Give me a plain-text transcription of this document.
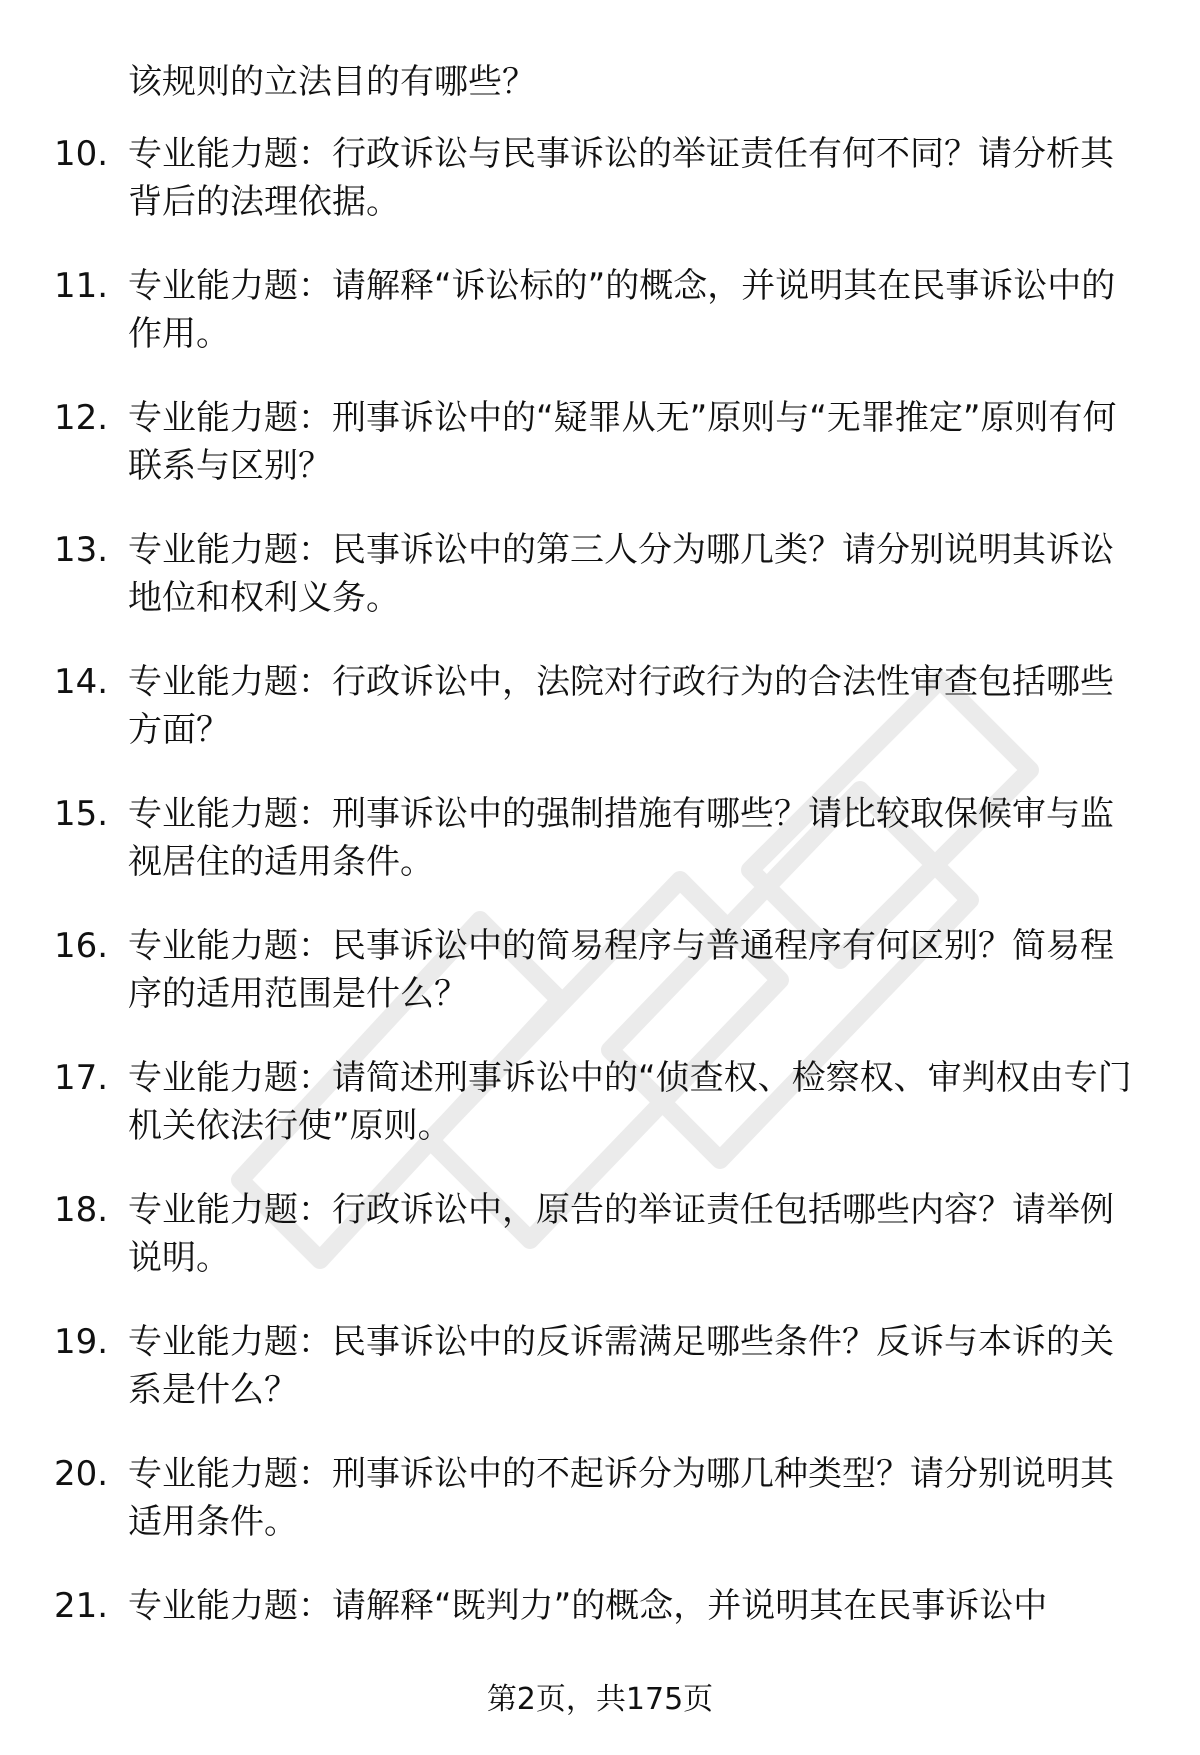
该规则的立法目的有哪些？
10. 专业能力题：行政诉讼与民事诉讼的举证责任有何不同？请分析其背后的法理依据。
11. 专业能力题：请解释“诉讼标的”的概念，并说明其在民事诉讼中的作用。
12. 专业能力题：刑事诉讼中的“疑罪从无”原则与“无罪推定”原则有何联系与区别？
13. 专业能力题：民事诉讼中的第三人分为哪几类？请分别说明其诉讼地位和权利义务。
14. 专业能力题：行政诉讼中，法院对行政行为的合法性审查包括哪些方面？
15. 专业能力题：刑事诉讼中的强制措施有哪些？请比较取保候审与监视居住的适用条件。
16. 专业能力题：民事诉讼中的简易程序与普通程序有何区别？简易程序的适用范围是什么？
17. 专业能力题：请简述刑事诉讼中的“侦查权、检察权、审判权由专门机关依法行使”原则。
18. 专业能力题：行政诉讼中，原告的举证责任包括哪些内容？请举例说明。
19. 专业能力题：民事诉讼中的反诉需满足哪些条件？反诉与本诉的关系是什么？
20. 专业能力题：刑事诉讼中的不起诉分为哪几种类型？请分别说明其适用条件。
21. 专业能力题：请解释“既判力”的概念，并说明其在民事诉讼中
第2页，共175页
